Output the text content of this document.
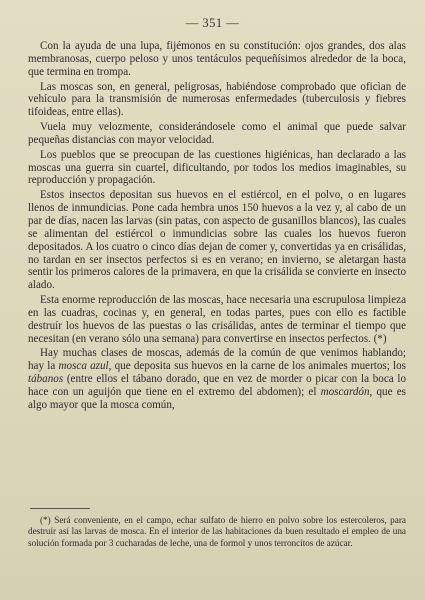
— 351 —

Con la ayuda de una lupa, fijémonos en su constitución: ojos grandes, dos alas membranosas, cuerpo peloso y unos tentáculos pequeñísimos alrededor de la boca, que termina en trompa.

Las moscas son, en general, peligrosas, habiéndose comprobado que oficìan de vehículo para la transmisión de numerosas enfermedades (tuberculosis y fiebres tifoideas, entre ellas).

Vuela muy velozmente, considerándosele como el animal que puede salvar pequeñas distancias con mayor velocidad.

Los pueblos que se preocupan de las cuestiones higiénicas, han declarado a las moscas una guerra sin cuartel, dificultando, por todos los medios imaginables, su reproducción y propagación.

Estos insectos depositan sus huevos en el estiércol, en el polvo, o en lugares llenos de inmundicias. Pone cada hembra unos 150 huevos a la vez y, al cabo de un par de días, nacen las larvas (sin patas, con aspecto de gusanillos blancos), las cuales se alimentan del estiércol o inmundicias sobre las cuales los huevos fueron depositados. A los cuatro o cinco días dejan de comer y, convertidas ya en crisálidas, no tardan en ser insectos perfectos si es en verano; en invierno, se aletargan hasta sentir los primeros calores de la primavera, en que la crisálida se convierte en insecto alado.

Esta enorme reproducción de las moscas, hace necesaria una escrupulosa limpieza en las cuadras, cocinas y, en general, en todas partes, pues con ello es factible destruír los huevos de las puestas o las crisálidas, antes de terminar el tiempo que necesitan (en verano sólo una semana) para convertirse en insectos perfectos. (*)

Hay muchas clases de moscas, además de la común de que venimos hablando; hay la mosca azul, que deposita sus huevos en la carne de los animales muertos; los tábanos (entre ellos el tábano dorado, que en vez de morder o picar con la boca lo hace con un aguijón que tiene en el extremo del abdomen); el moscardón, que es algo mayor que la mosca común,

(*) Será conveniente, en el campo, echar sulfato de hierro en polvo sobre los estercoleros, para destruír así las larvas de mosca. En el interior de las habitaciones da buen resultado el empleo de una solución formada por 3 cucharadas de leche, una de formol y unos terroncitos de azúcar.
